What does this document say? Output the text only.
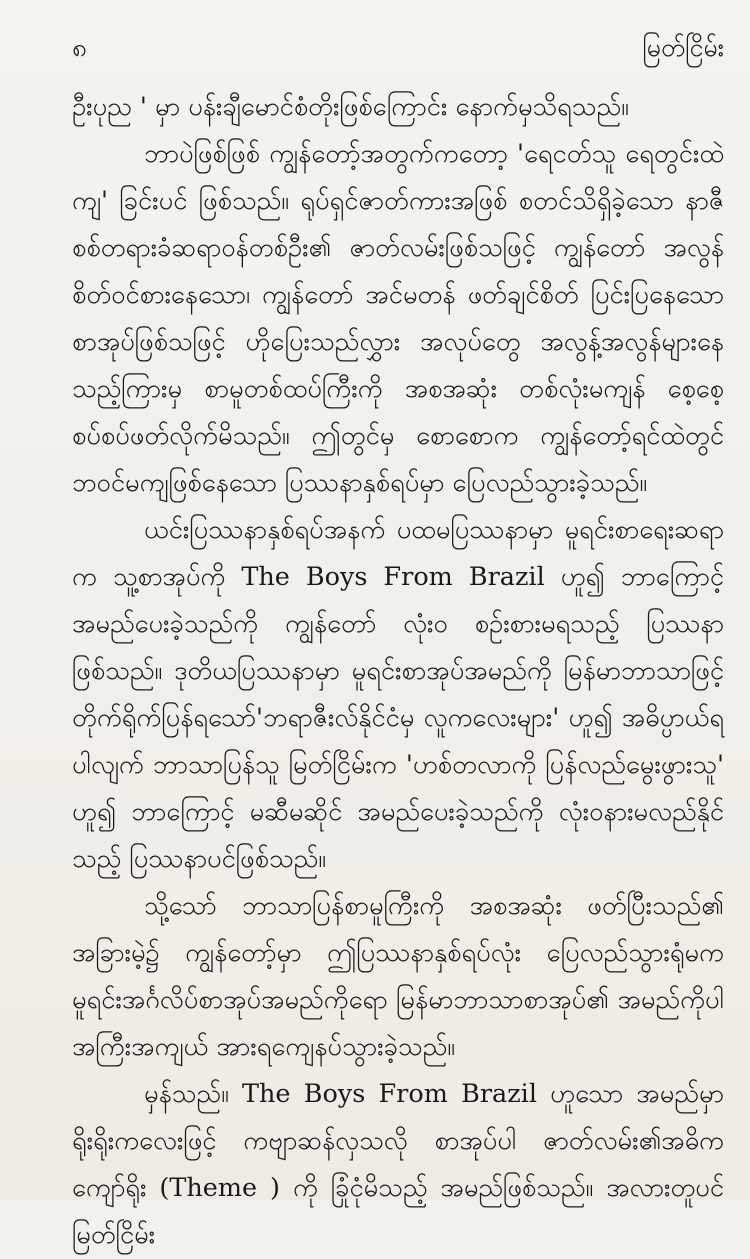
၈	မြတ်ငြိမ်း

ဦးပုည ' မှာ ပန်းချီမောင်စံတိုးဖြစ်ကြောင်း နောက်မှသိရသည်။

ဘာပဲဖြစ်ဖြစ် ကျွန်တော့်အတွက်ကတော့ 'ရေငတ်သူ ရေတွင်းထဲကျ' ခြင်းပင် ဖြစ်သည်။ ရုပ်ရှင်ဇာတ်ကားအဖြစ် စတင်သိရှိခဲ့သော နာဇီစစ်တရားခံဆရာဝန်တစ်ဦး၏ ဇာတ်လမ်းဖြစ်သဖြင့် ကျွန်တော် အလွန်စိတ်ဝင်စားနေသော၊ ကျွန်တော် အင်မတန် ဖတ်ချင်စိတ် ပြင်းပြနေသော စာအုပ်ဖြစ်သဖြင့် ဟိုပြေးသည်လွှား အလုပ်တွေ အလွန့်အလွန်များနေသည့်ကြားမှ စာမူတစ်ထပ်ကြီးကို အစအဆုံး တစ်လုံးမကျန် စေ့စေ့စပ်စပ်ဖတ်လိုက်မိသည်။ ဤတွင်မှ စောစောက ကျွန်တော့်ရင်ထဲတွင် ဘဝင်မကျဖြစ်နေသော ပြဿနာနှစ်ရပ်မှာ ပြေလည်သွားခဲ့သည်။

ယင်းပြဿနာနှစ်ရပ်အနက် ပထမပြဿနာမှာ မူရင်းစာရေးဆရာက သူ့စာအုပ်ကို The Boys From Brazil ဟူ၍ ဘာကြောင့် အမည်ပေးခဲ့သည်ကို ကျွန်တော် လုံးဝ စဉ်းစားမရသည့် ပြဿနာဖြစ်သည်။ ဒုတိယပြဿနာမှာ မူရင်းစာအုပ်အမည်ကို မြန်မာဘာသာဖြင့် တိုက်ရိုက်ပြန်ရသော်'ဘရာဇီးလ်နိုင်ငံမှ လူကလေးများ' ဟူ၍ အဓိပ္ပာယ်ရပါလျက် ဘာသာပြန်သူ မြတ်ငြိမ်းက 'ဟစ်တလာကို ပြန်လည်မွေးဖွားသူ' ဟူ၍ ဘာကြောင့် မဆီမဆိုင် အမည်ပေးခဲ့သည်ကို လုံးဝနားမလည်နိုင်သည့် ပြဿနာပင်ဖြစ်သည်။

သို့သော် ဘာသာပြန်စာမူကြီးကို အစအဆုံး ဖတ်ပြီးသည်၏ အခြားမဲ့၌ ကျွန်တော့်မှာ ဤပြဿနာနှစ်ရပ်လုံး ပြေလည်သွားရုံမက မူရင်းအင်္ဂလိပ်စာအုပ်အမည်ကိုရော မြန်မာဘာသာစာအုပ်၏ အမည်ကိုပါ အကြီးအကျယ် အားရကျေနပ်သွားခဲ့သည်။

မှန်သည်။ The Boys From Brazil ဟူသော အမည်မှာ ရိုးရိုးကလေးဖြင့် ကဗျာဆန်လှသလို စာအုပ်ပါ ဇာတ်လမ်း၏အဓိက ကျော်ရိုး (Theme ) ကို ခြုံငုံမိသည့် အမည်ဖြစ်သည်။ အလားတူပင် မြတ်ငြိမ်း
